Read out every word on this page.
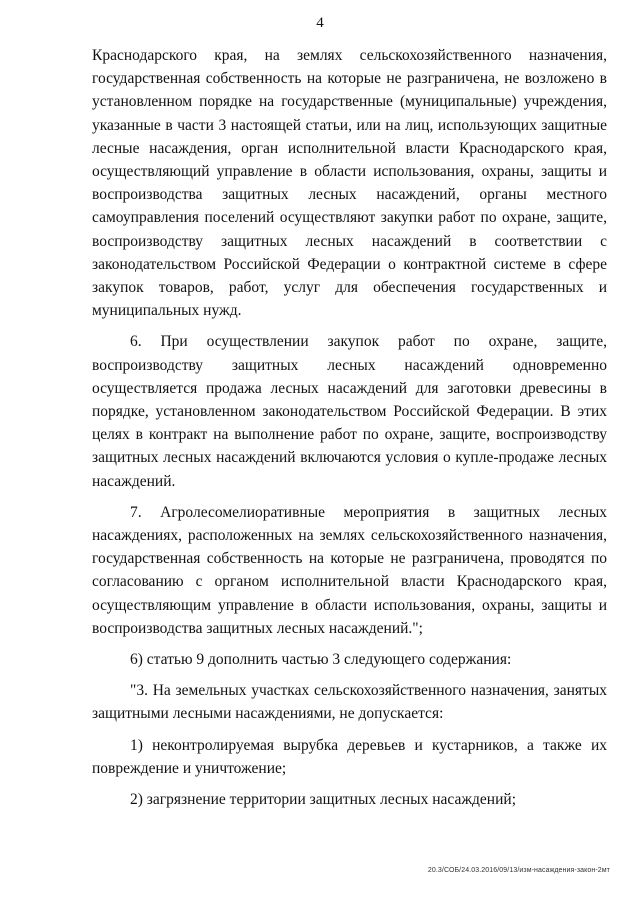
4

Краснодарского края, на землях сельскохозяйственного назначения, государственная собственность на которые не разграничена, не возложено в установленном порядке на государственные (муниципальные) учреждения, указанные в части 3 настоящей статьи, или на лиц, использующих защитные лесные насаждения, орган исполнительной власти Краснодарского края, осуществляющий управление в области использования, охраны, защиты и воспроизводства защитных лесных насаждений, органы местного самоуправления поселений осуществляют закупки работ по охране, защите, воспроизводству защитных лесных насаждений в соответствии с законодательством Российской Федерации о контрактной системе в сфере закупок товаров, работ, услуг для обеспечения государственных и муниципальных нужд.

6. При осуществлении закупок работ по охране, защите, воспроизводству защитных лесных насаждений одновременно осуществляется продажа лесных насаждений для заготовки древесины в порядке, установленном законодательством Российской Федерации. В этих целях в контракт на выполнение работ по охране, защите, воспроизводству защитных лесных насаждений включаются условия о купле-продаже лесных насаждений.

7. Агролесомелиоративные мероприятия в защитных лесных насаждениях, расположенных на землях сельскохозяйственного назначения, государственная собственность на которые не разграничена, проводятся по согласованию с органом исполнительной власти Краснодарского края, осуществляющим управление в области использования, охраны, защиты и воспроизводства защитных лесных насаждений.";

6) статью 9 дополнить частью 3 следующего содержания:

"3. На земельных участках сельскохозяйственного назначения, занятых защитными лесными насаждениями, не допускается:

1) неконтролируемая вырубка деревьев и кустарников, а также их повреждение и уничтожение;

2) загрязнение территории защитных лесных насаждений;

20.3/СОБ/24.03.2016/09/13/изм-насаждения-закон-2мт
